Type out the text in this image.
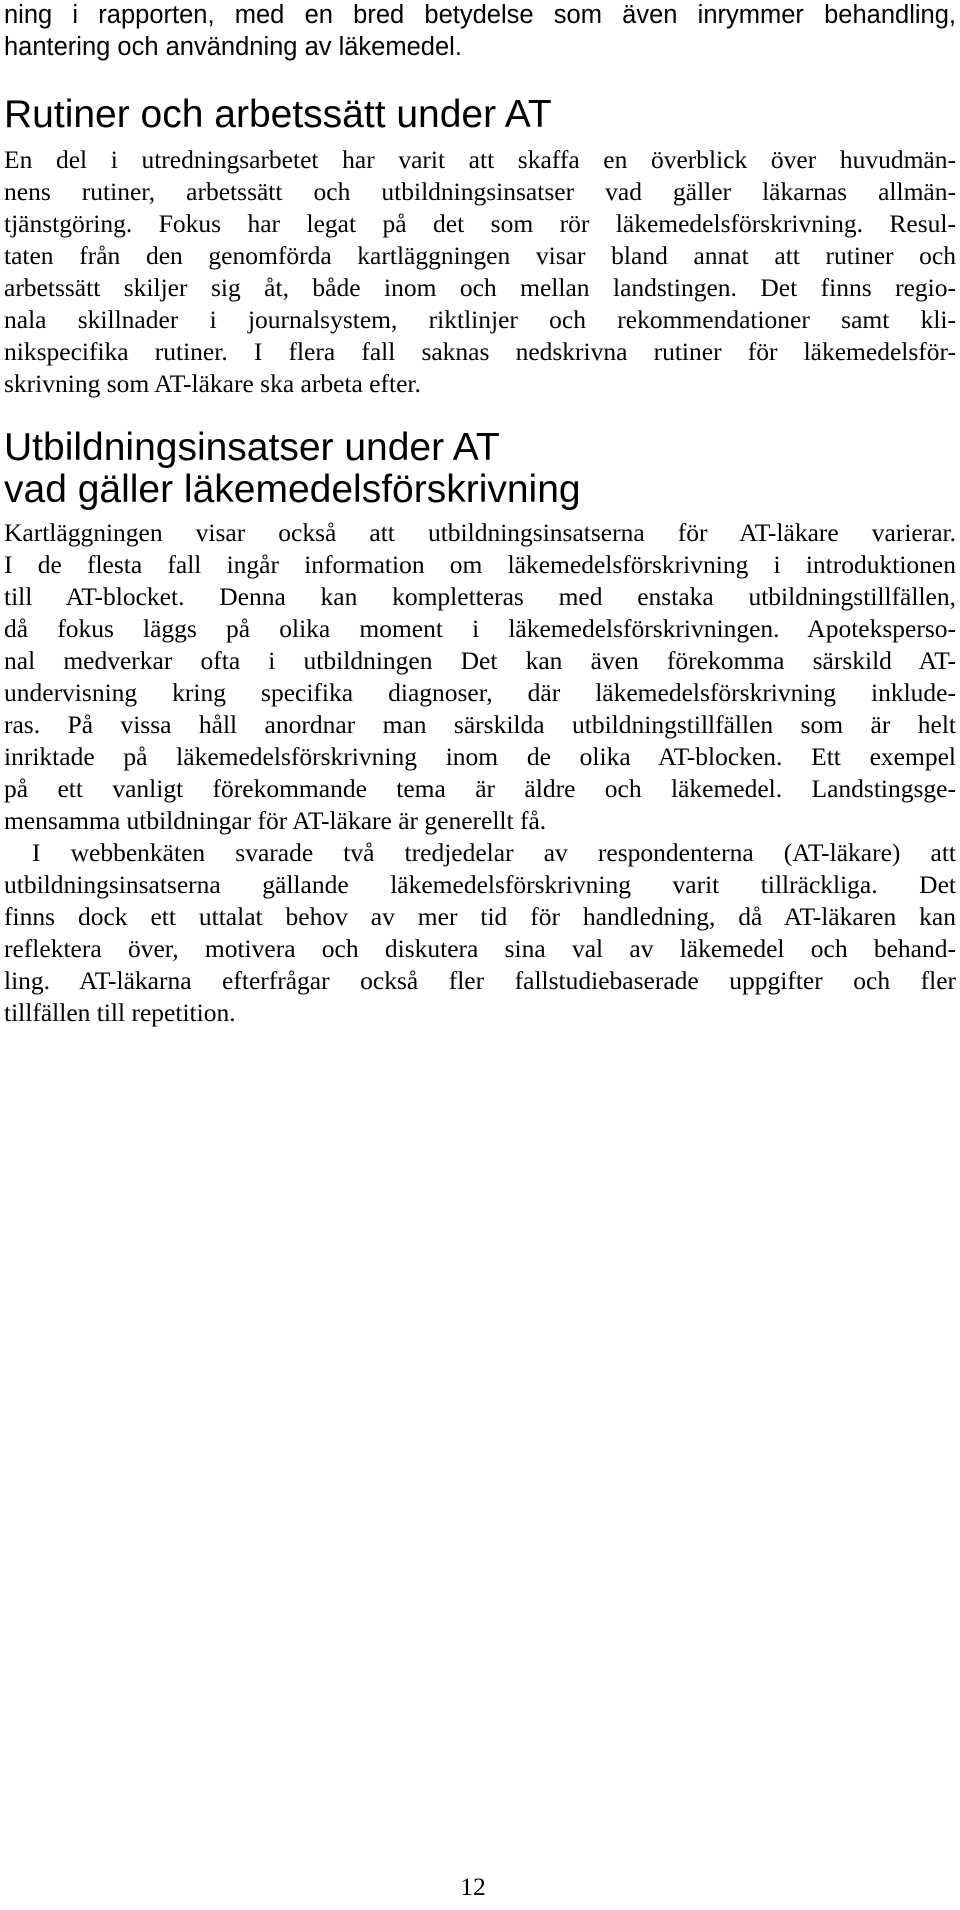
ning i rapporten, med en bred betydelse som även inrymmer behandling,
hantering och användning av läkemedel.
Rutiner och arbetssätt under AT
En del i utredningsarbetet har varit att skaffa en överblick över huvudmän-
nens rutiner, arbetssätt och utbildningsinsatser vad gäller läkarnas allmän-
tjänstgöring. Fokus har legat på det som rör läkemedelsförskrivning. Resul-
taten från den genomförda kartläggningen visar bland annat att rutiner och
arbetssätt skiljer sig åt, både inom och mellan landstingen. Det finns regio-
nala skillnader i journalsystem, riktlinjer och rekommendationer samt kli-
nikspecifika rutiner. I flera fall saknas nedskrivna rutiner för läkemedelsför-
skrivning som AT-läkare ska arbeta efter.
Utbildningsinsatser under AT
vad gäller läkemedelsförskrivning
Kartläggningen visar också att utbildningsinsatserna för AT-läkare varierar.
I de flesta fall ingår information om läkemedelsförskrivning i introduktionen
till AT-blocket. Denna kan kompletteras med enstaka utbildningstillfällen,
då fokus läggs på olika moment i läkemedelsförskrivningen. Apotekspersо-
nal medverkar ofta i utbildningen Det kan även förekomma särskild AT-
undervisning kring specifika diagnoser, där läkemedelsförskrivning inklude-
ras. På vissa håll anordnar man särskilda utbildningstillfällen som är helt
inriktade på läkemedelsförskrivning inom de olika AT-blocken. Ett exempel
på ett vanligt förekommande tema är äldre och läkemedel. Landstingsge-
mensamma utbildningar för AT-läkare är generellt få.
I webbenkäten svarade två tredjedelar av respondenterna (AT-läkare) att
utbildningsinsatserna gällande läkemedelsförskrivning varit tillräckliga. Det
finns dock ett uttalat behov av mer tid för handledning, då AT-läkaren kan
reflektera över, motivera och diskutera sina val av läkemedel och behand-
ling. AT-läkarna efterfrågar också fler fallstudiebaserade uppgifter och fler
tillfällen till repetition.
12
